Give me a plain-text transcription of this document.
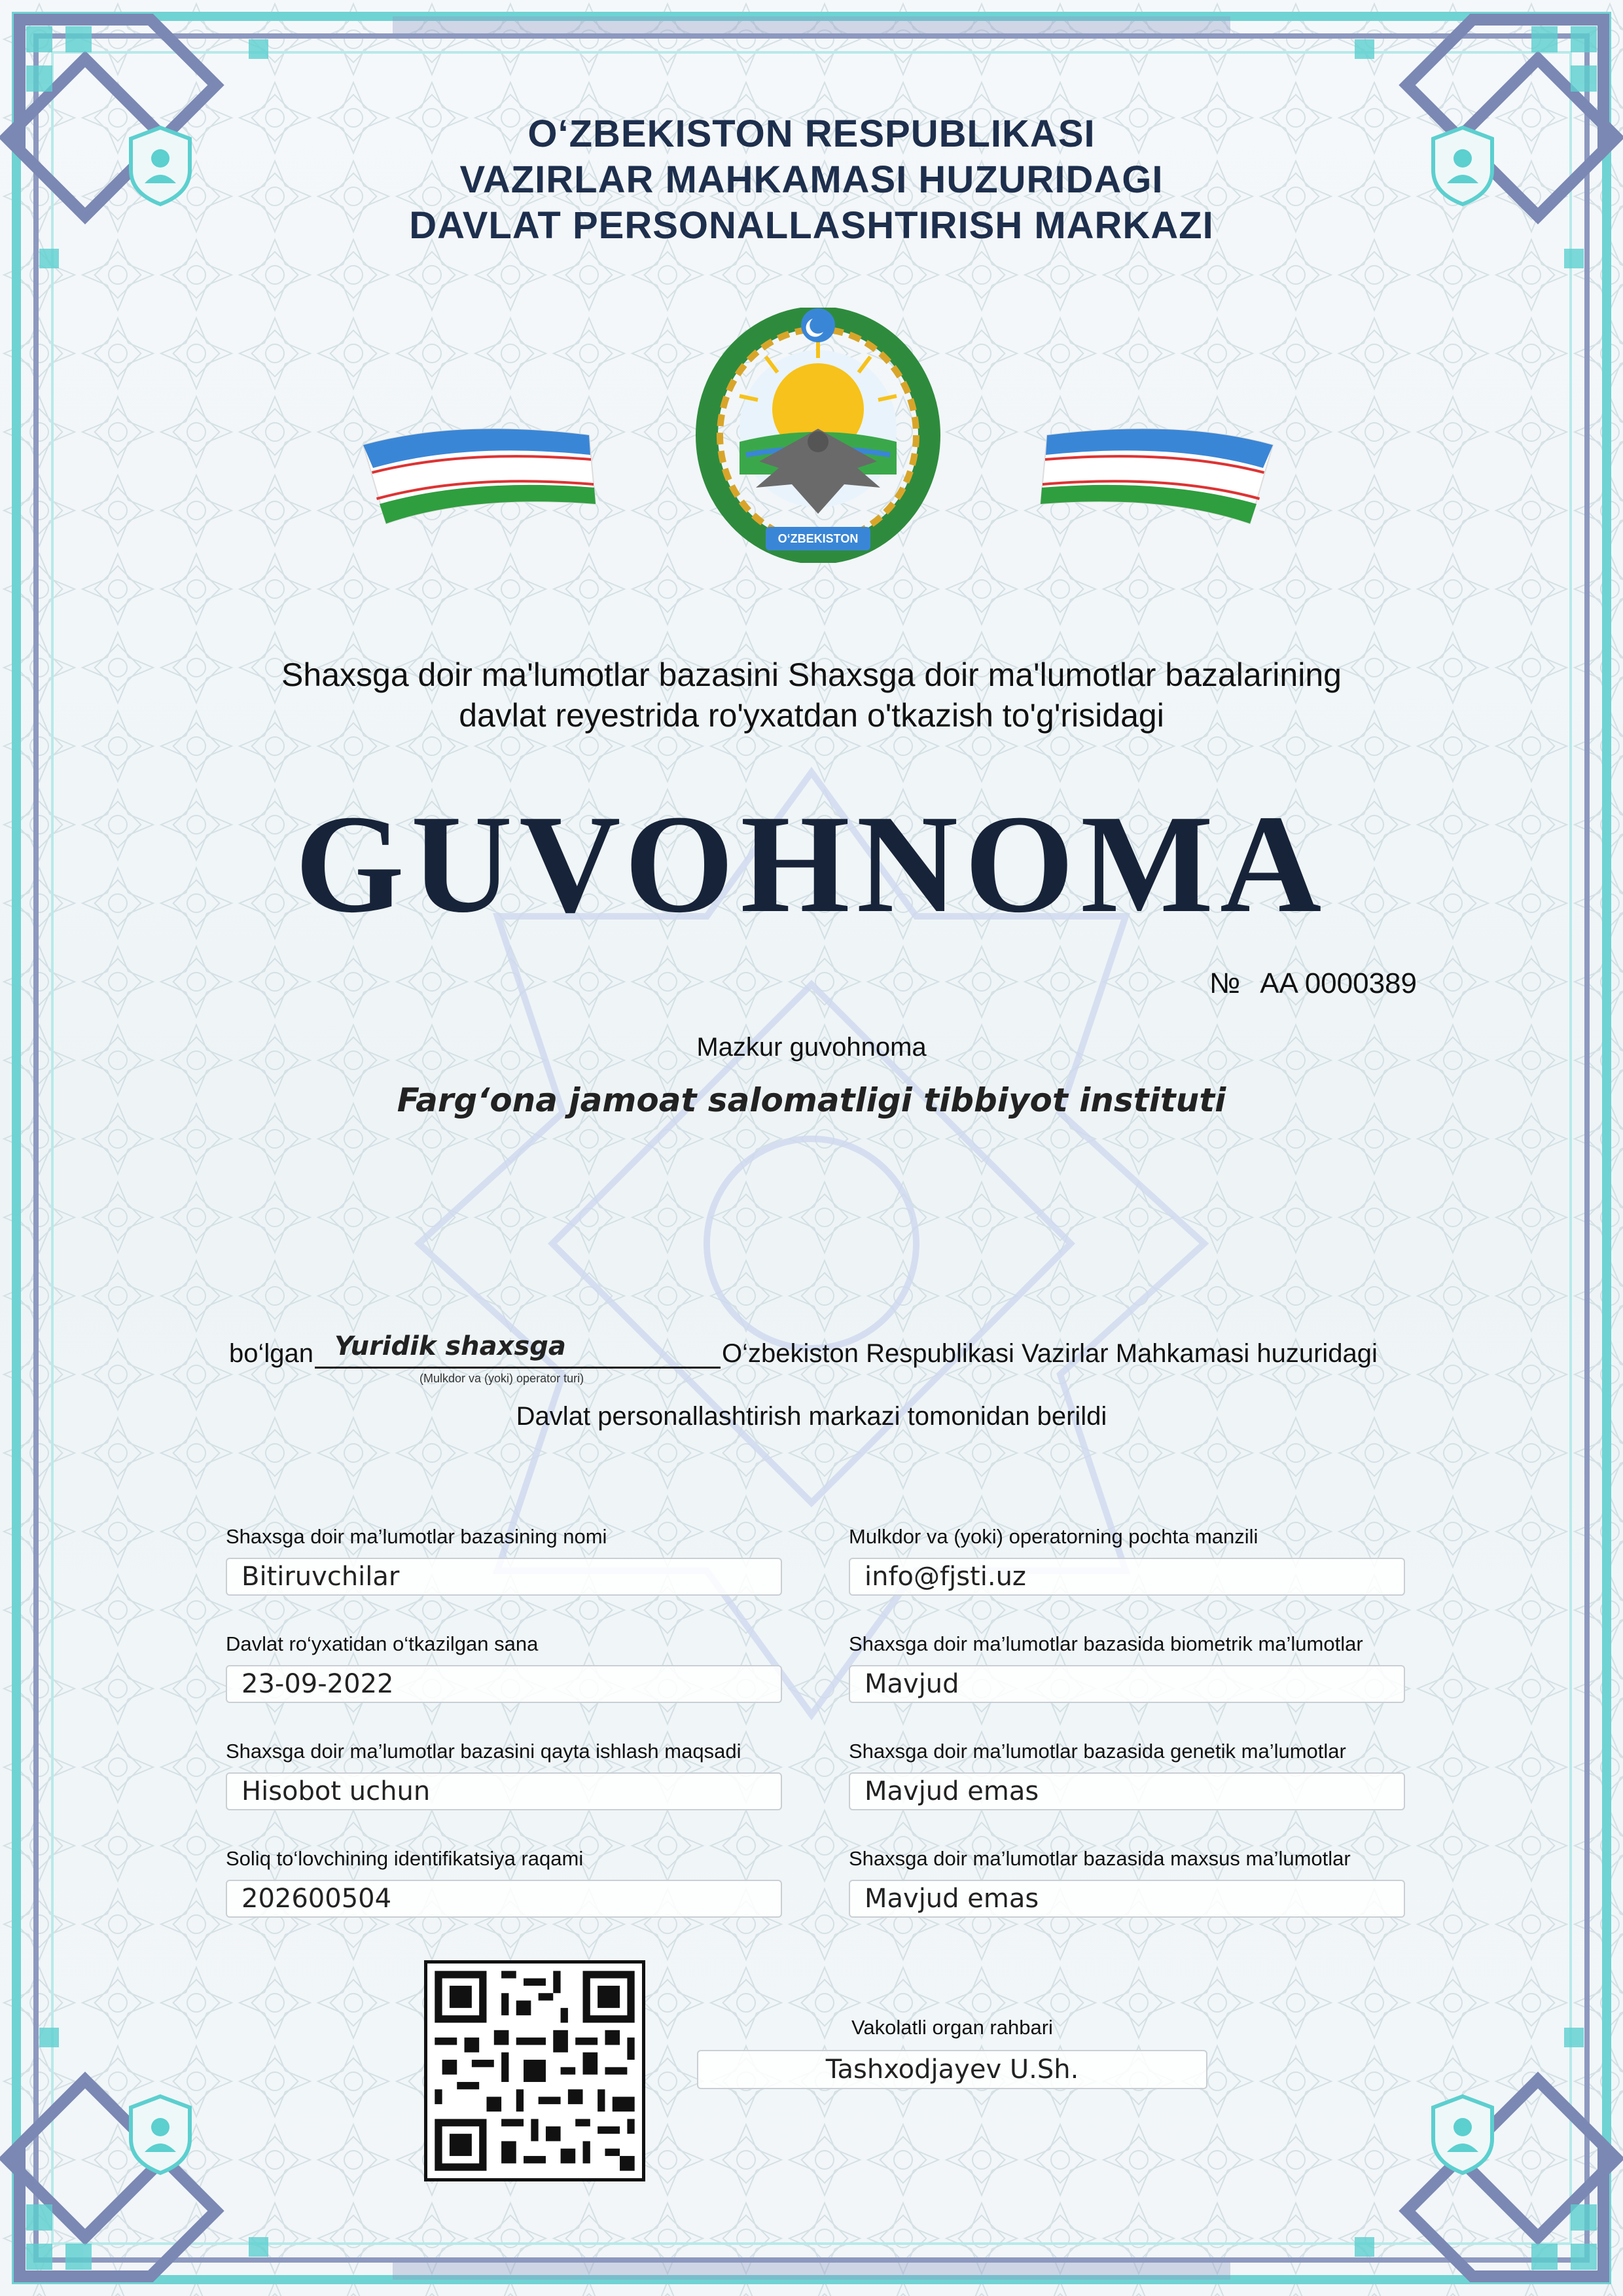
O‘ZBEKISTON RESPUBLIKASI
VAZIRLAR MAHKAMASI HUZURIDAGI
DAVLAT PERSONALLASHTIRISH MARKAZI
O‘ZBEKISTON
Shaxsga doir ma'lumotlar bazasini Shaxsga doir ma'lumotlar bazalarining
davlat reyestrida ro'yxatdan o'tkazish to'g'risidagi
GUVOHNOMA
№ AA 0000389
Mazkur guvohnoma
Farg‘ona jamoat salomatligi tibbiyot instituti
bo‘lgan Yuridik shaxsga
(Mulkdor va (yoki) operator turi)
O‘zbekiston Respublikasi Vazirlar Mahkamasi huzuridagi
Davlat personallashtirish markazi tomonidan berildi
Shaxsga doir ma’lumotlar bazasining nomi
Bitiruvchilar
Mulkdor va (yoki) operatorning pochta manzili
info@fjsti.uz
Davlat ro‘yxatidan o‘tkazilgan sana
23-09-2022
Shaxsga doir ma’lumotlar bazasida biometrik ma’lumotlar
Mavjud
Shaxsga doir ma’lumotlar bazasini qayta ishlash maqsadi
Hisobot uchun
Shaxsga doir ma’lumotlar bazasida genetik ma’lumotlar
Mavjud emas
Soliq to‘lovchining identifikatsiya raqami
202600504
Shaxsga doir ma’lumotlar bazasida maxsus ma’lumotlar
Mavjud emas
Vakolatli organ rahbari
Tashxodjayev U.Sh.
